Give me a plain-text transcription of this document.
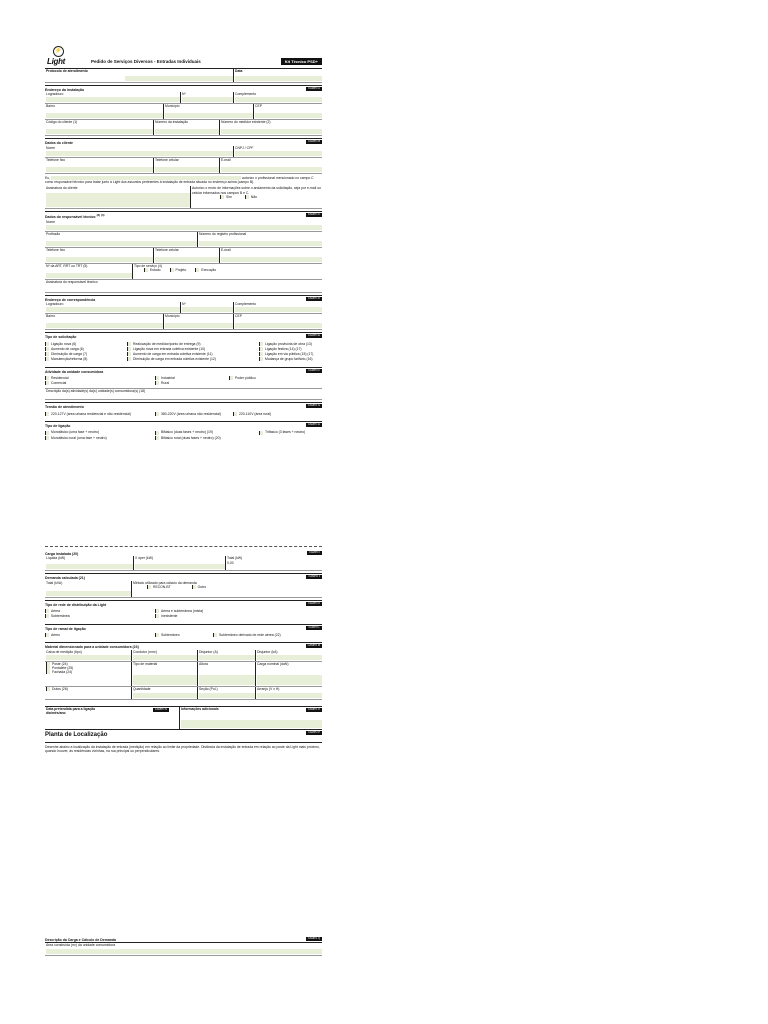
⚡
Light	Pedido de Serviços Diversos - Entradas Individuais	Kit Técnico PSD+
Protocolo de atendimento	Data
CAMPO A
Endereço da instalação
Logradouro	Nº	Complemento
Bairro	Município	CEP
Código do cliente (1)	Número da instalação	Número do medidor existente (2)
CAMPO B
Dados do cliente
Nome	CNPJ / CPF
Telefone fixo	Telefone celular	E-mail
Eu,	autorizo o profissional mencionado no campo C
como responsável técnico para tratar junto à Light dos assuntos pertinentes à instalação de entrada situada no endereço acima (campo B).
Assinatura do cliente	Autorizo o envio de informações sobre o andamento da solicitação, seja por e-mail ou celular informados nos campos B e C.
Sim	Não
CAMPO C
Dados do responsável técnico $^{(3) (4)}$
Nome
Profissão	Número do registro profissional
Telefone fixo	Telefone celular	E-mail
Nº da ART, RRT ou TRT (5)	Tipo de serviço (4)
Estudo	Projeto	Execução
Assinatura do responsável técnico
CAMPO D
Endereço de correspondência
Logradouro	Nº	Complemento
Bairro	Município	CEP
CAMPO E
Tipo de solicitação
Ligação nova (6)	Realocação de medidor/ponto de entrega (9)	Ligação provisória de obra (13)
Aumento de carga (6)	Ligação nova em entrada coletiva existente (10)	Ligação festiva (14) (17)
Diminuição de carga (7)	Aumento de carga em entrada coletiva existente (11)	Ligação em via pública (15) (17)
Manutenção/reforma (8)	Diminuição de carga em entrada coletiva existente (12)	Mudança de grupo tarifário (16)
CAMPO F
Atividade da unidade consumidora
Residencial	Industrial	Poder público
Comercial	Rural
Descrição da(s) atividade(s) da(s) unidade(s) consumidora(s) (18)
CAMPO G
Tensão de atendimento
220-127V (área urbana residencial e não residencial)	380-220V (área urbana não residencial)	220-110V (área rural)
CAMPO H
Tipo de ligação
Monofásico (uma fase + neutro)	Bifásico (duas fases + neutro) (19)	Trifásico (3 fases + neutro)
Monofásico rural (uma fase + neutro)	Bifásico rural (duas fases + neutro) (20)
CAMPO I
Carga instalada (20)
Líquida (kW)	X óper (kW)	Total (kW)
0,00
CAMPO J
Demanda calculada (21)
Total (kVA)	Método utilizado para cálculo da demanda
RECON-BT	Outro
CAMPO K
Tipo de rede de distribuição da Light
Aérea	Aérea e subterrânea (mista)
Subterrânea	Inexistente
CAMPO L
Tipo de ramal de ligação
Aéreo	Subterrâneo	Subterrâneo derivado de rede aérea (22)
CAMPO M
Material dimensionado para a unidade consumidora (23)
Caixa de medição (tipo)	Condutor (mm²)	Disjuntor (A)	Disjuntor (kA)
Poste (24)
Pontalete (25)
Fachada (24)
Tipo de material	Altura	Carga nominal (daN)
Dutos (26)	Quantidade	Seção (Pol.)	Arranjo (V x H)
Data pretendida para a ligação	CAMPO N

dia/mês/ano
Informações adicionais	CAMPO O
CAMPO P
Planta de Localização
Desenhe abaixo a localização da instalação de entrada (medição) em relação ao limite da propriedade. Distância da instalação de entrada em relação ao poste da Light mais próximo, quando houver, às residências vizinhas, na rua principal ou perpendiculares.
CAMPO Q
Descrição da Carga e Cálculo de Demanda
Área construída (m²) da unidade consumidora
